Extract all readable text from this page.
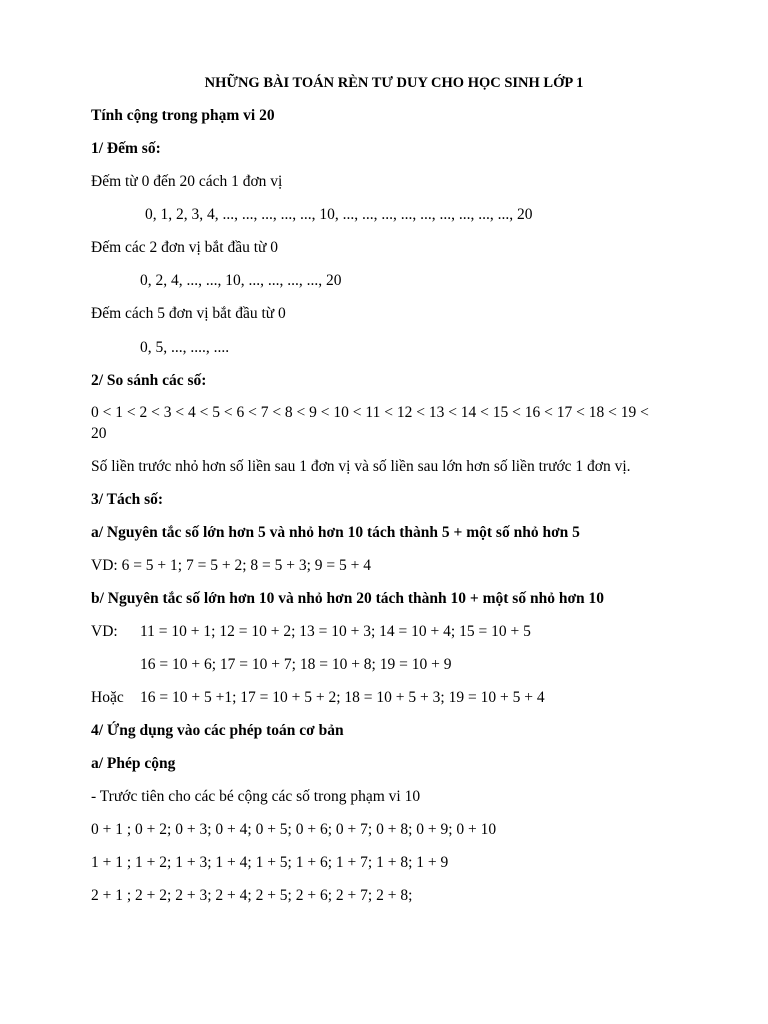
NHỮNG BÀI TOÁN RÈN TƯ DUY CHO HỌC SINH LỚP 1
Tính cộng trong phạm vi 20
1/ Đếm số:
Đếm từ 0 đến 20 cách 1 đơn vị
0, 1, 2, 3, 4, ..., ..., ..., ..., ..., 10, ..., ..., ..., ..., ..., ..., ..., ..., ..., 20
Đếm các 2 đơn vị bắt đầu từ 0
0, 2, 4, ..., ..., 10, ..., ..., ..., ..., 20
Đếm cách 5 đơn vị bắt đầu từ 0
0, 5, ..., ...., ....
2/ So sánh các số:
0 < 1 < 2 < 3 < 4 < 5 < 6 < 7 < 8 < 9 < 10 < 11 < 12 < 13 < 14 < 15 < 16 < 17 < 18 < 19 <
20
Số liền trước nhỏ hơn số liền sau 1 đơn vị và số liền sau lớn hơn số liền trước 1 đơn vị.
3/ Tách số:
a/ Nguyên tắc số lớn hơn 5 và nhỏ hơn 10 tách thành 5 + một số nhỏ hơn 5
VD: 6 = 5 + 1; 7 = 5 + 2; 8 = 5 + 3; 9 = 5 + 4
b/ Nguyên tắc số lớn hơn 10 và nhỏ hơn 20 tách thành 10 + một số nhỏ hơn 10
VD: 11 = 10 + 1; 12 = 10 + 2; 13 = 10 + 3; 14 = 10 + 4; 15 = 10 + 5
16 = 10 + 6; 17 = 10 + 7; 18 = 10 + 8; 19 = 10 + 9
Hoặc 16 = 10 + 5 +1; 17 = 10 + 5 + 2; 18 = 10 + 5 + 3; 19 = 10 + 5 + 4
4/ Ứng dụng vào các phép toán cơ bản
a/ Phép cộng
- Trước tiên cho các bé cộng các số trong phạm vi 10
0 + 1 ; 0 + 2; 0 + 3; 0 + 4; 0 + 5; 0 + 6; 0 + 7; 0 + 8; 0 + 9; 0 + 10
1 + 1 ; 1 + 2; 1 + 3; 1 + 4; 1 + 5; 1 + 6; 1 + 7; 1 + 8; 1 + 9
2 + 1 ; 2 + 2; 2 + 3; 2 + 4; 2 + 5; 2 + 6; 2 + 7; 2 + 8;
